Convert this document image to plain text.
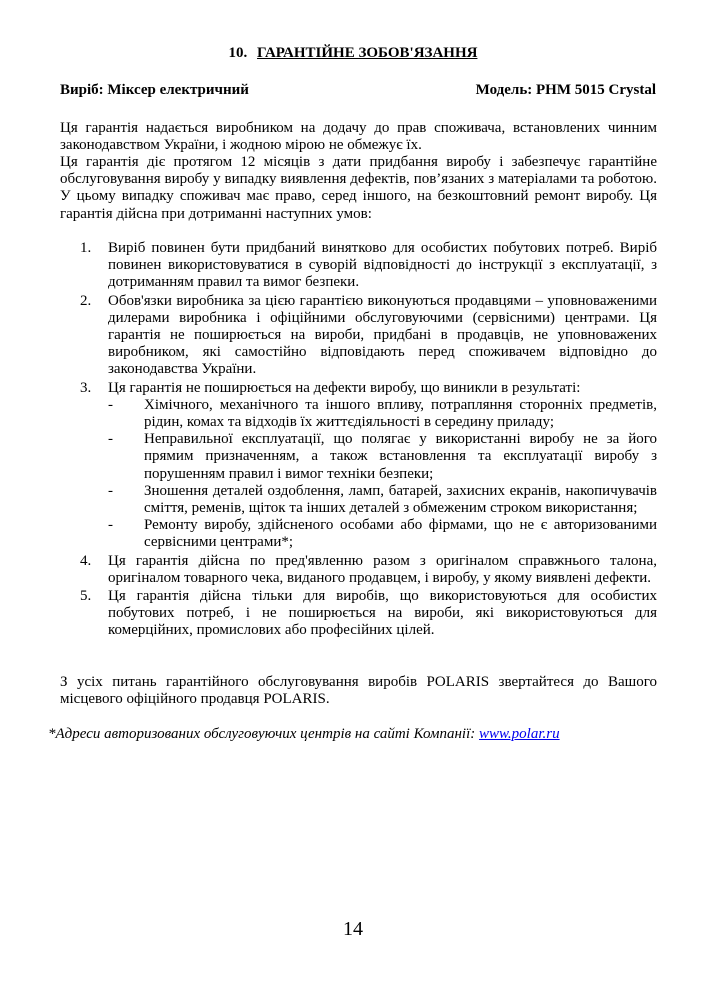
10. ГАРАНТІЙНЕ ЗОБОВ'ЯЗАННЯ
Виріб: Міксер електричний	Модель: PHM 5015 Crystal

Ця гарантія надається виробником на додачу до прав споживача, встановлених чинним законодавством України, і жодною мірою не обмежує їх.

Ця гарантія діє протягом 12 місяців з дати придбання виробу і забезпечує гарантійне обслуговування виробу у випадку виявлення дефектів, пов’язаних з матеріалами та роботою. У цьому випадку споживач має право, серед іншого, на безкоштовний ремонт виробу. Ця гарантія дійсна при дотриманні наступних умов:

1. Виріб повинен бути придбаний винятково для особистих побутових потреб. Виріб повинен використовуватися в суворій відповідності до інструкції з експлуатації, з дотриманням правил та вимог безпеки.
2. Обов'язки виробника за цією гарантією виконуються продавцями – уповноваженими дилерами виробника і офіційними обслуговуючими (сервісними) центрами. Ця гарантія не поширюється на вироби, придбані в продавців, не уповноважених виробником, які самостійно відповідають перед споживачем відповідно до законодавства України.
3. Ця гарантія не поширюється на дефекти виробу, що виникли в результаті:
- Хімічного, механічного та іншого впливу, потрапляння сторонніх предметів, рідин, комах та відходів їх життєдіяльності в середину приладу;
- Неправильної експлуатації, що полягає у використанні виробу не за його прямим призначенням, а також встановлення та експлуатації виробу з порушенням правил і вимог техніки безпеки;
- Зношення деталей оздоблення, ламп, батарей, захисних екранів, накопичувачів сміття, ременів, щіток та інших деталей з обмеженим строком використання;
- Ремонту виробу, здійсненого особами або фірмами, що не є авторизованими сервісними центрами*;
4. Ця гарантія дійсна по пред'явленню разом з оригіналом справжнього талона, оригіналом товарного чека, виданого продавцем, і виробу, у якому виявлені дефекти.
5. Ця гарантія дійсна тільки для виробів, що використовуються для особистих побутових потреб, і не поширюється на вироби, які використовуються для комерційних, промислових або професійних цілей.

З усіх питань гарантійного обслуговування виробів POLARIS звертайтеся до Вашого місцевого офіційного продавця POLARIS.

*Адреси авторизованих обслуговуючих центрів на сайті Компанії: www.polar.ru

14
